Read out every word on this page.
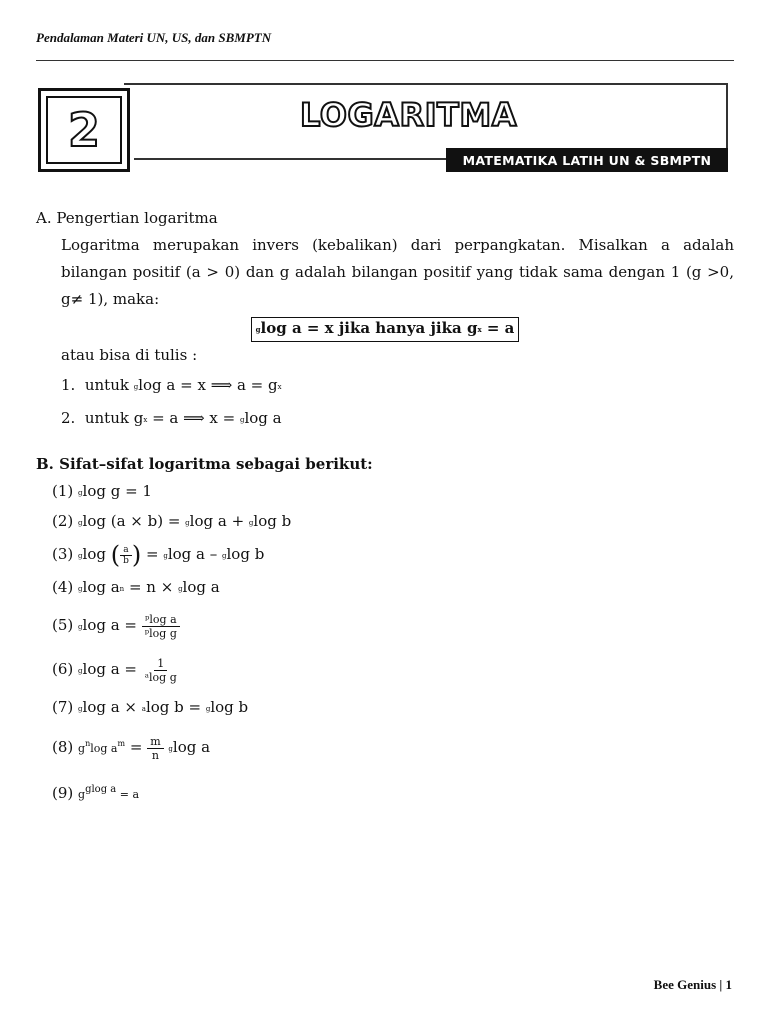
Pendalaman Materi UN, US, dan SBMPTN
2	LOGARITMA
MATEMATIKA LATIH UN & SBMPTN
A. Pengertian logaritma
Logaritma merupakan invers (kebalikan) dari perpangkatan. Misalkan a adalah bilangan positif (a > 0) dan g adalah bilangan positif yang tidak sama dengan 1 (g >0, g≠ 1), maka:
glog a = x jika hanya jika gx = a
atau bisa di tulis :
1. untuk glog a = x ⟹ a = gx
2. untuk gx = a ⟹ x = glog a
B. Sifat–sifat logaritma sebagai berikut:
(1) glog g = 1
(2) glog (a × b) = glog a + glog b
(3) glog ( $\frac{a}{b}$ ) = glog a – glog b
(4) glog an = n × glog a
(5) glog $a = \frac{\text{ᵖlog a}}{\text{ᵖlog g}}$
(6) glog $a = \frac{1}{\text{ᵃlog g}}$
(7) glog a × alog b = glog b
(8) $g^n\log$ $a^m = \frac{m}{n}$ glog a
(9) $g^{glog a} = a$
Bee Genius | 1
